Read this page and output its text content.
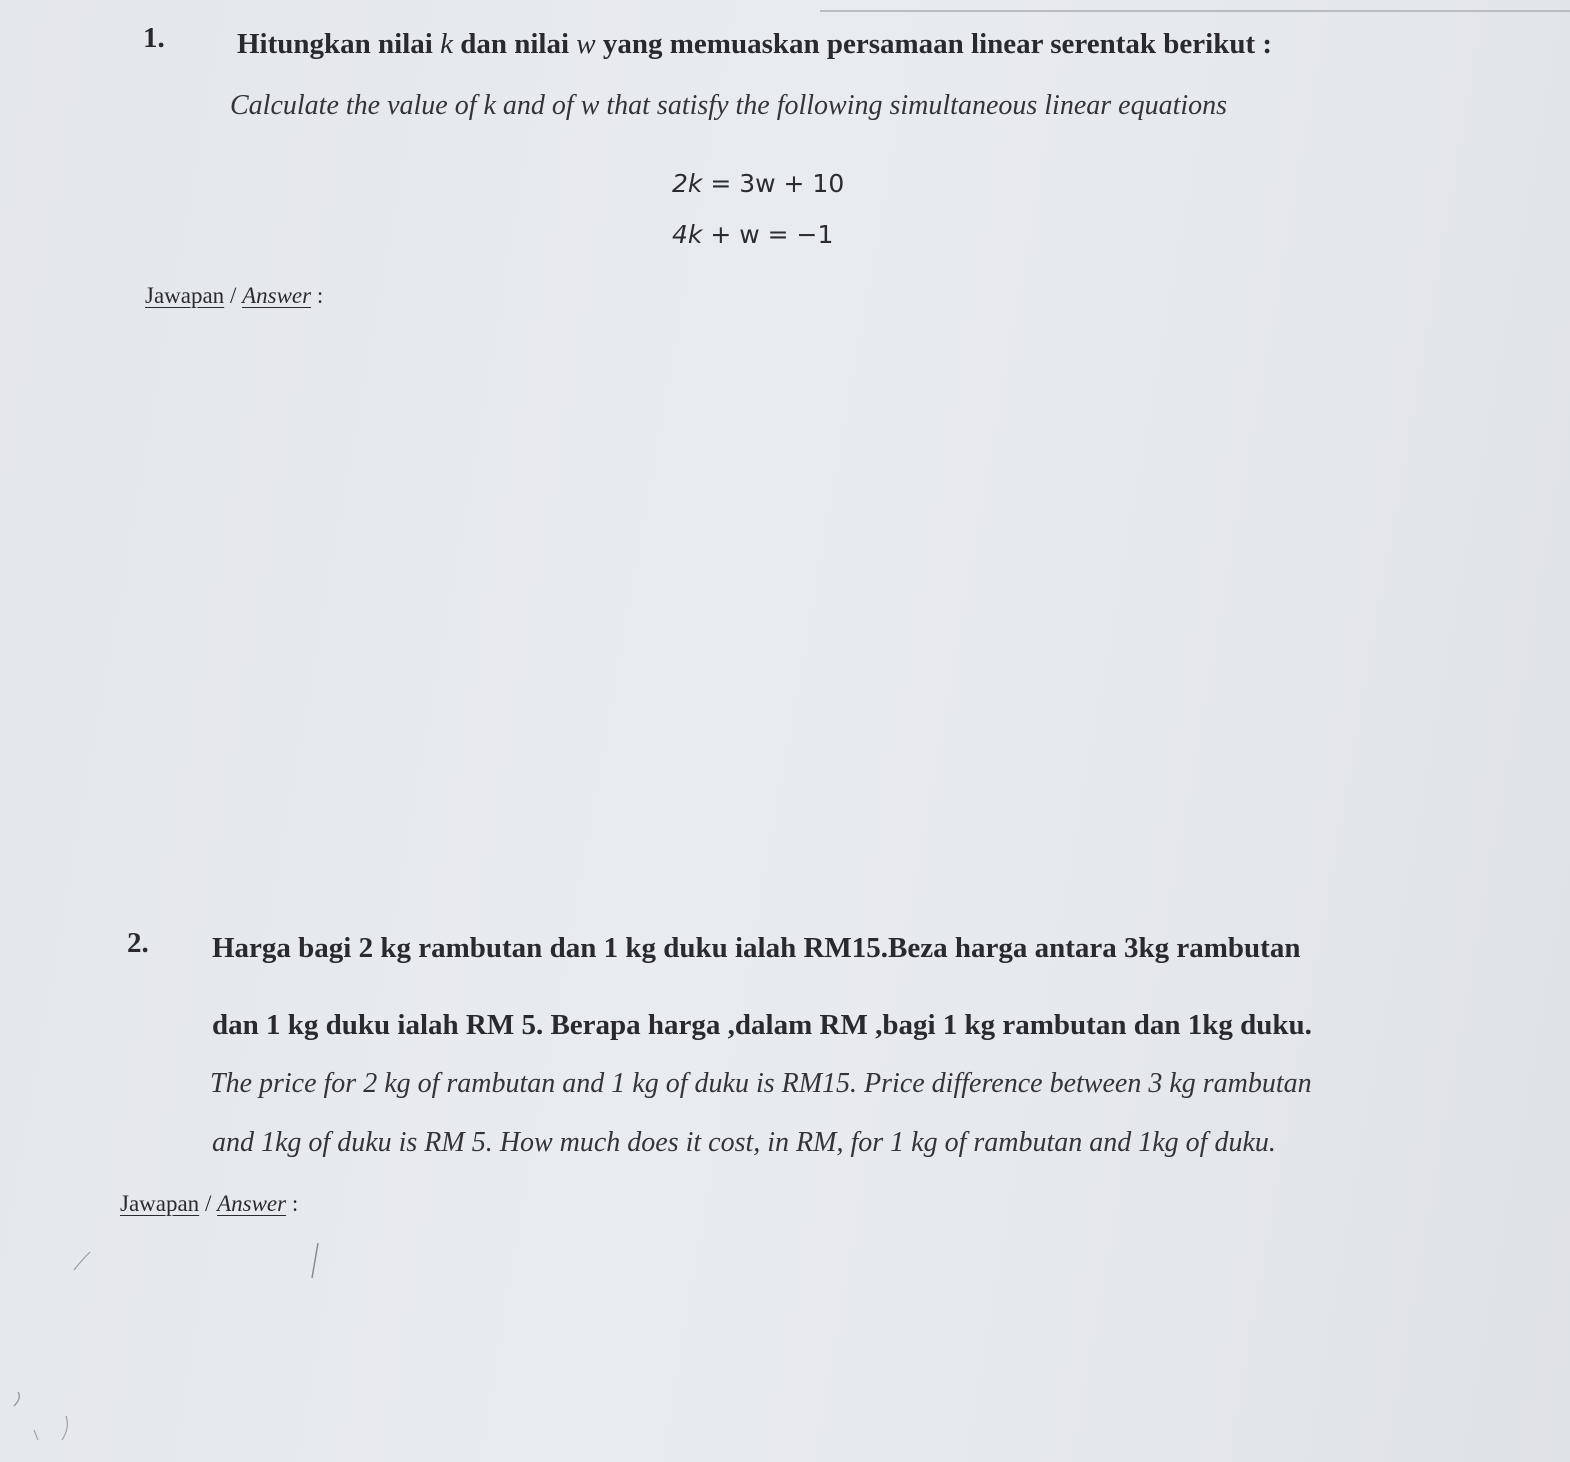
1. Hitungkan nilai k dan nilai w yang memuaskan persamaan linear serentak berikut :
Calculate the value of k and of w that satisfy the following simultaneous linear equations
2k = 3w + 10
4k + w = −1
Jawapan / Answer :
2. Harga bagi 2 kg rambutan dan 1 kg duku ialah RM15.Beza harga antara 3kg rambutan
dan 1 kg duku ialah RM 5. Berapa harga ,dalam RM ,bagi 1 kg rambutan dan 1kg duku.
The price for 2 kg of rambutan and 1 kg of duku is RM15. Price difference between 3 kg rambutan
and 1kg of duku is RM 5. How much does it cost, in RM, for 1 kg of rambutan and 1kg of duku.
Jawapan / Answer :
